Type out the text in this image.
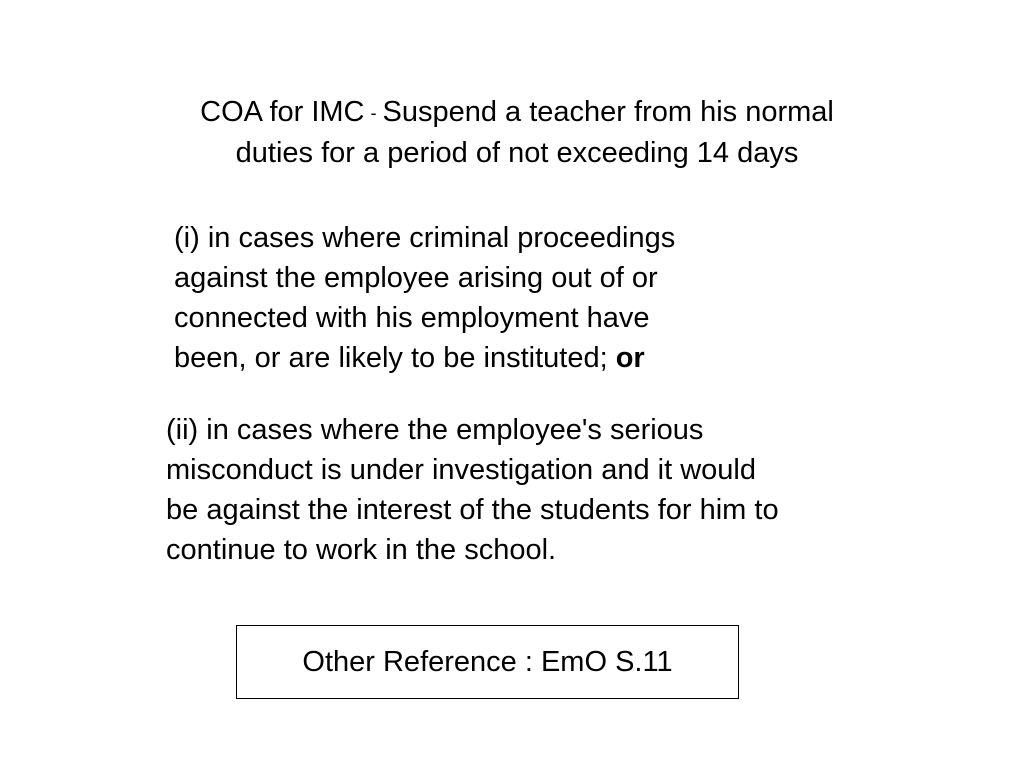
COA for IMC - Suspend a teacher from his normal
duties for a period of not exceeding 14 days
(i) in cases where criminal proceedings
against the employee arising out of or
connected with his employment have
been, or are likely to be instituted; or
(ii) in cases where the employee's serious
misconduct is under investigation and it would
be against the interest of the students for him to
continue to work in the school.
Other Reference : EmO S.11
